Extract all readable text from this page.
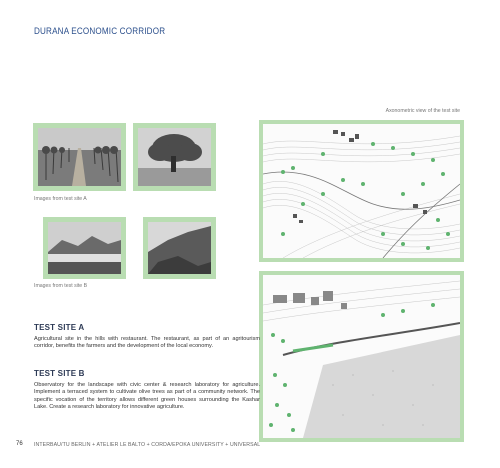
DURANA ECONOMIC CORRIDOR
Images from test site A
Images from test site B
Axonometric view of the test site
TEST SITE A
Agricultural site in the hills with restaurant. The restaurant, as part of an agritourism corridor, benefits the farmers and the development of the local economy.
TEST SITE B
Observatory for the landscape with civic center & research laboratory for agriculture. Implement a terraced system to cultivate olive trees as part of a community network. The specific vocation of the territory allows different green houses surrounding the Kashar Lake. Create a research laboratory for innovative agriculture.
76 INTERBAU/TU BERLIN + ATELIER LE BALTO + CORDA/EPOKA UNIVERSITY + UNIVERSAL
